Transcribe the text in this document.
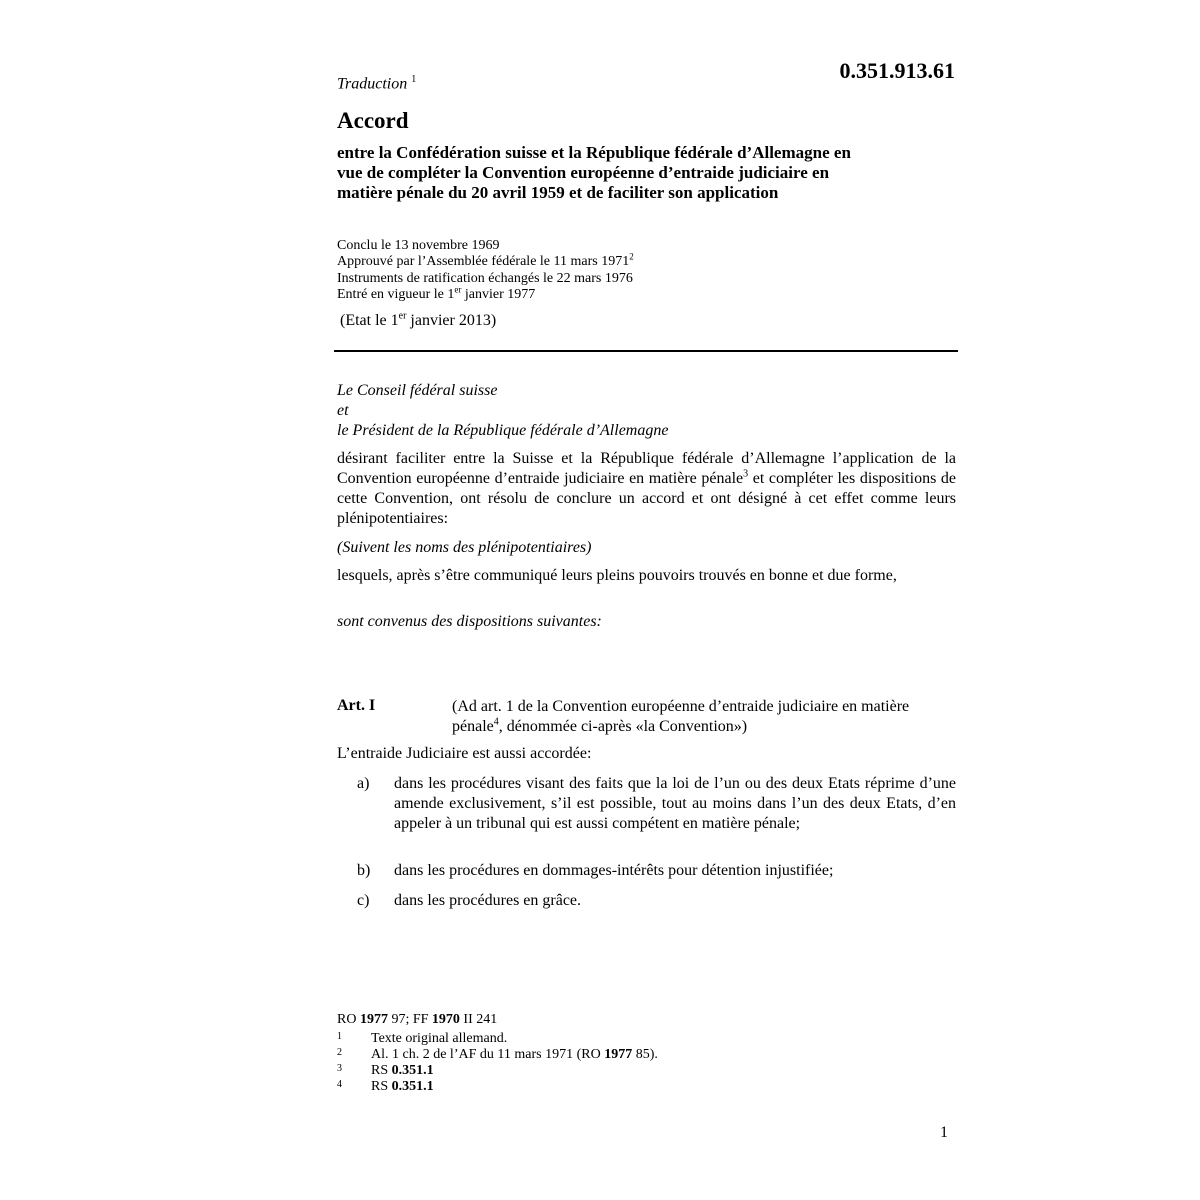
0.351.913.61
Traduction $^1$
Accord
entre la Confédération suisse et la République fédérale d’Allemagne en
vue de compléter la Convention européenne d’entraide judiciaire en
matière pénale du 20 avril 1959 et de faciliter son application
Conclu le 13 novembre 1969
Approuvé par l’Assemblée fédérale le 11 mars 1971$^2$
Instruments de ratification échangés le 22 mars 1976
Entré en vigueur le 1er janvier 1977
(Etat le 1er janvier 2013)
Le Conseil fédéral suisse
et
le Président de la République fédérale d’Allemagne
désirant faciliter entre la Suisse et la République fédérale d’Allemagne l’application de la Convention européenne d’entraide judiciaire en matière pénale$^3$ et compléter les dispositions de cette Convention, ont résolu de conclure un accord et ont désigné à cet effet comme leurs plénipotentiaires:
(Suivent les noms des plénipotentiaires)
lesquels, après s’être communiqué leurs pleins pouvoirs trouvés en bonne et due forme,
sont convenus des dispositions suivantes:
Art. I	(Ad art. 1 de la Convention européenne d’entraide judiciaire en matière pénale$^4$, dénommée ci-après «la Convention»)
L’entraide Judiciaire est aussi accordée:
a) dans les procédures visant des faits que la loi de l’un ou des deux Etats réprime d’une amende exclusivement, s’il est possible, tout au moins dans l’un des deux Etats, d’en appeler à un tribunal qui est aussi compétent en matière pénale;
b) dans les procédures en dommages-intérêts pour détention injustifiée;
c) dans les procédures en grâce.
RO 1977 97; FF 1970 II 241
1 Texte original allemand.
2 Al. 1 ch. 2 de l’AF du 11 mars 1971 (RO 1977 85).
3 RS 0.351.1
4 RS 0.351.1
1
